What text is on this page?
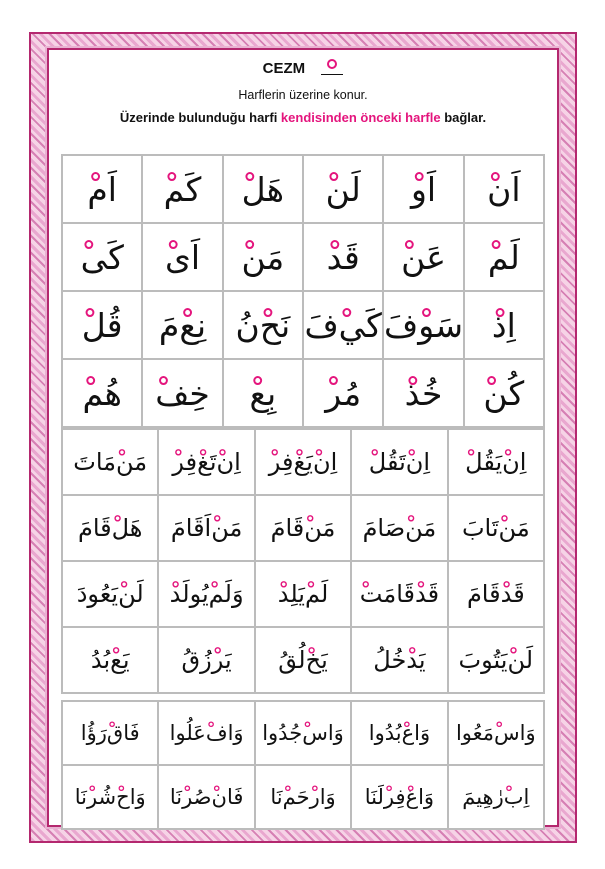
CEZM
Harflerin üzerine konur.
Üzerinde bulunduğu harfi kendisinden önceki harfle bağlar.
اَن
اَو
لَن
هَل
كَم
اَم
لَم
عَن
قَد
مَن
اَى
كَى
اِذ
سَو
فَ
كَي
فَ
نَح
نُ
نِع
مَ
قُل
كُن
خُذ
مُر
بِع
خِف
هُم
اِن
يَقُل
اِن
تَقُل
اِن
يَغ
فِر
اِن
تَغ
فِر
مَن
مَاتَ
مَن
تَابَ
مَن
صَامَ
مَن
قَامَ
مَن
اَقَامَ
هَل
قَامَ
قَد
قَامَ
قَد
قَامَت
لَم
يَلِد
وَلَم
يُولَد
لَن
يَعُودَ
لَن
يَتُوبَ
يَد
خُلُ
يَخ
لُقُ
يَر
زُقُ
يَع
بُدُ
وَاس
مَعُوا
وَاع
بُدُوا
وَاس
جُدُوا
وَاف
عَلُوا
فَاق
رَؤُا
اِب
رٰهِيمَ
وَاغ
فِر
لَنَا
وَار
حَم
نَا
فَان
صُر
نَا
وَاح
شُر
نَا
